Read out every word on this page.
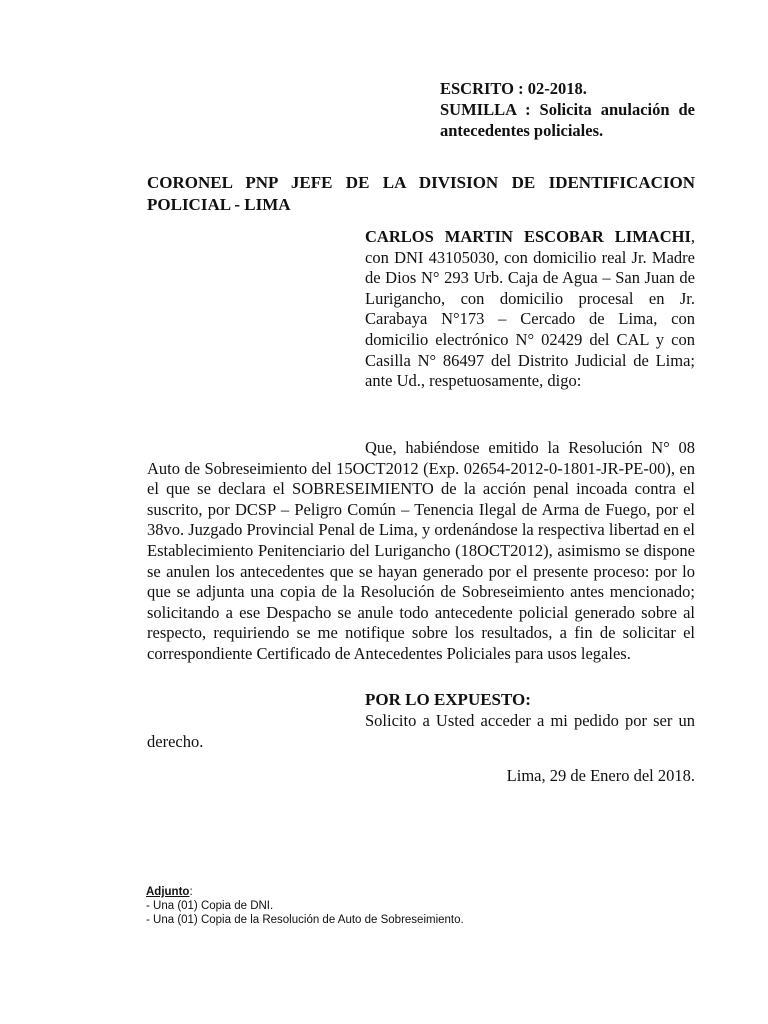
ESCRITO : 02-2018.
SUMILLA : Solicita anulación de antecedentes policiales.
CORONEL PNP JEFE DE LA DIVISION DE IDENTIFICACION POLICIAL - LIMA
CARLOS MARTIN ESCOBAR LIMACHI, con DNI 43105030, con domicilio real Jr. Madre de Dios N° 293 Urb. Caja de Agua – San Juan de Lurigancho, con domicilio procesal en Jr. Carabaya N°173 – Cercado de Lima, con domicilio electrónico N° 02429 del CAL y con Casilla N° 86497 del Distrito Judicial de Lima; ante Ud., respetuosamente, digo:
Que, habiéndose emitido la Resolución N° 08 Auto de Sobreseimiento del 15OCT2012 (Exp. 02654-2012-0-1801-JR-PE-00), en el que se declara el SOBRESEIMIENTO de la acción penal incoada contra el suscrito, por DCSP – Peligro Común – Tenencia Ilegal de Arma de Fuego, por el 38vo. Juzgado Provincial Penal de Lima, y ordenándose la respectiva libertad en el Establecimiento Penitenciario del Lurigancho (18OCT2012), asimismo se dispone se anulen los antecedentes que se hayan generado por el presente proceso: por lo que se adjunta una copia de la Resolución de Sobreseimiento antes mencionado; solicitando a ese Despacho se anule todo antecedente policial generado sobre al respecto, requiriendo se me notifique sobre los resultados, a fin de solicitar el correspondiente Certificado de Antecedentes Policiales para usos legales.
POR LO EXPUESTO:
Solicito a Usted acceder a mi pedido por ser un derecho.
Lima, 29 de Enero del 2018.
Adjunto:
- Una (01) Copia de DNI.
- Una (01) Copia de la Resolución de Auto de Sobreseimiento.
